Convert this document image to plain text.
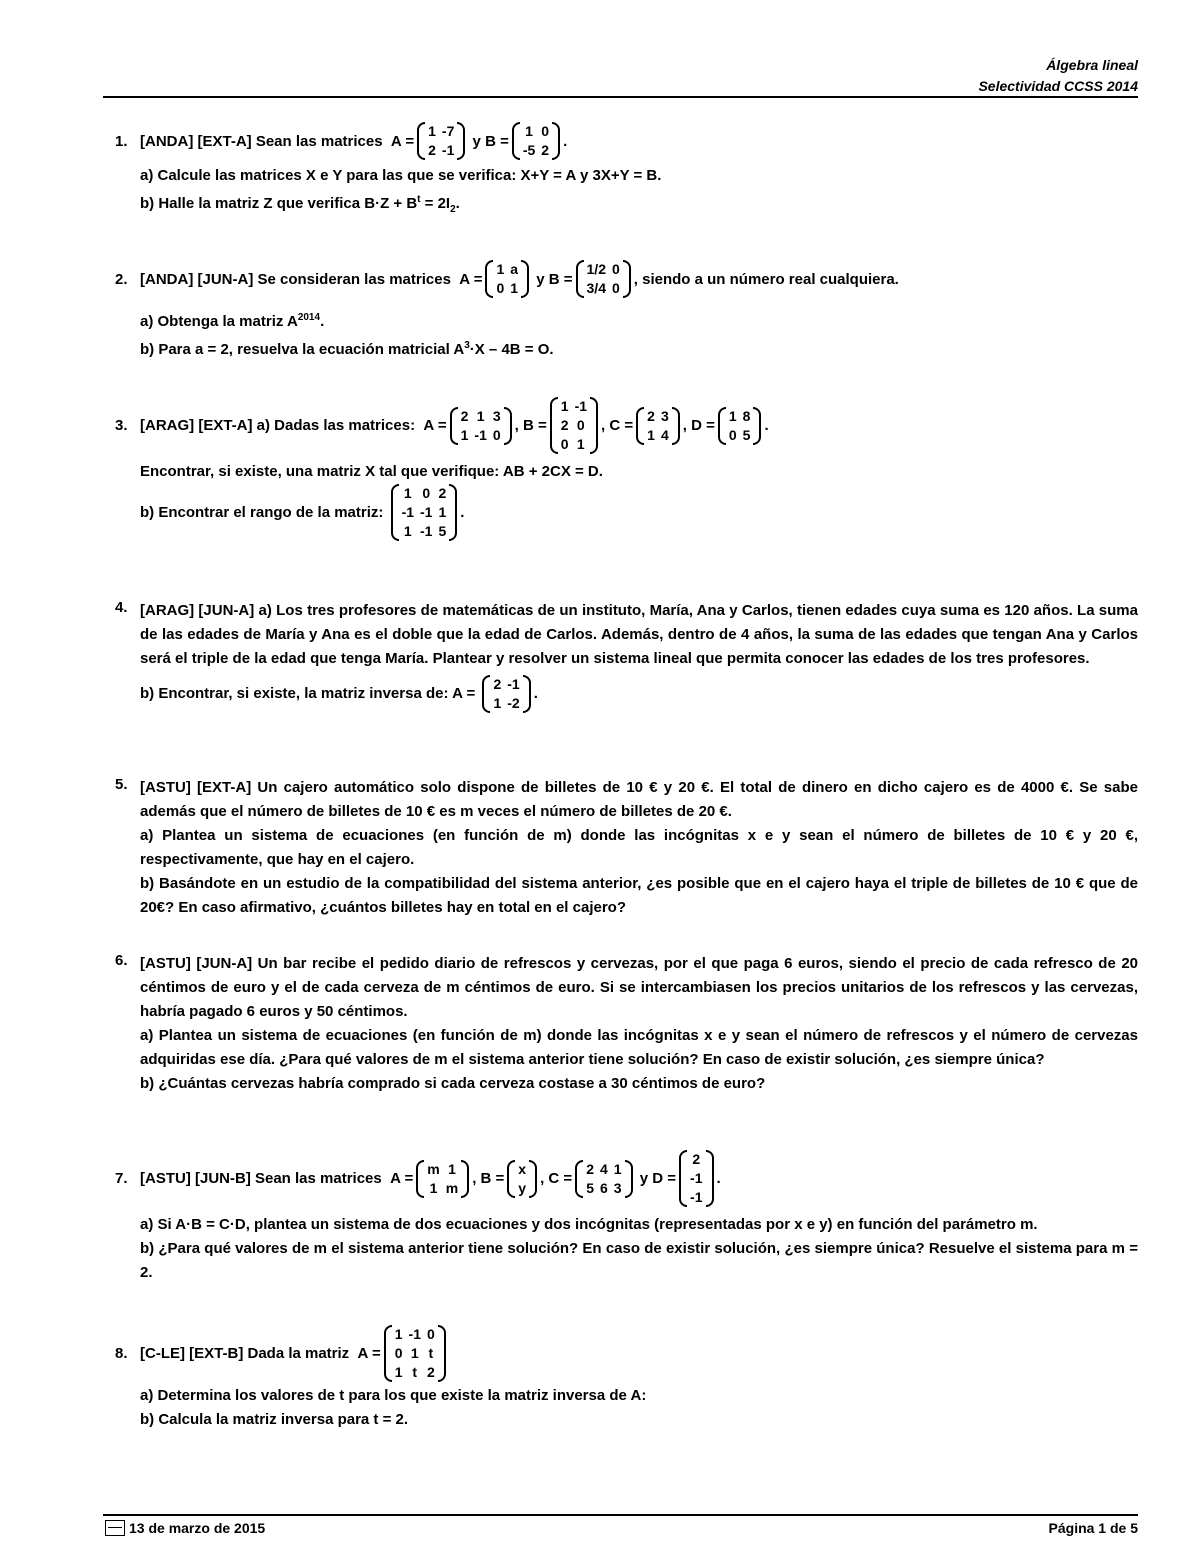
Álgebra lineal
Selectividad CCSS 2014
1. [ANDA] [EXT-A] Sean las matrices
A =
1	-7
2	-1

y
B =
1	0
-5	2
.
a) Calcule las matrices X e Y para las que se verifica: X+Y = A y 3X+Y = B.
b) Halle la matriz Z que verifica $B\cdot Z + B^t = 2I_2$.
2. [ANDA] [JUN-A] Se consideran las matrices
A =
1	a
0	1

y
B =
1/2	0
3/4	0
, siendo a un número real cualquiera.
a) Obtenga la matriz $A^{2014}$.
b) Para a = 2, resuelva la ecuación matricial $A^3\cdot X - 4B = O$.
3. [ARAG] [EXT-A] a) Dadas las matrices:
A =
2	1	3
1	-1	0
, B =
1	-1
2	0
0	1
, C =
2	3
1	4
, D =
1	8
0	5
.
Encontrar, si existe, una matriz X tal que verifique: AB + 2CX = D.
b) Encontrar el rango de la matriz:

1	0	2
-1	-1	1
1	-1	5
.
4. [ARAG] [JUN-A] a) Los tres profesores de matemáticas de un instituto, María, Ana y Carlos, tienen edades cuya suma es 120 años. La suma de las edades de María y Ana es el doble que la edad de Carlos. Además, dentro de 4 años, la suma de las edades que tengan Ana y Carlos será el triple de la edad que tenga María. Plantear y resolver un sistema lineal que permita conocer las edades de los tres profesores.
b) Encontrar, si existe, la matriz inversa de: A =

2	-1
1	-2
.
5. [ASTU] [EXT-A] Un cajero automático solo dispone de billetes de 10 € y 20 €. El total de dinero en dicho cajero es de 4000 €. Se sabe además que el número de billetes de 10 € es m veces el número de billetes de 20 €.
a) Plantea un sistema de ecuaciones (en función de m) donde las incógnitas x e y sean el número de billetes de 10 € y 20 €, respectivamente, que hay en el cajero.
b) Basándote en un estudio de la compatibilidad del sistema anterior, ¿es posible que en el cajero haya el triple de billetes de 10 € que de 20€? En caso afirmativo, ¿cuántos billetes hay en total en el cajero?
6. [ASTU] [JUN-A] Un bar recibe el pedido diario de refrescos y cervezas, por el que paga 6 euros, siendo el precio de cada refresco de 20 céntimos de euro y el de cada cerveza de m céntimos de euro. Si se intercambiasen los precios unitarios de los refrescos y las cervezas, habría pagado 6 euros y 50 céntimos.
a) Plantea un sistema de ecuaciones (en función de m) donde las incógnitas x e y sean el número de refrescos y el número de cervezas adquiridas ese día. ¿Para qué valores de m el sistema anterior tiene solución? En caso de existir solución, ¿es siempre única?
b) ¿Cuántas cervezas habría comprado si cada cerveza costase a 30 céntimos de euro?
7. [ASTU] [JUN-B] Sean las matrices
A =
m	1
1	m
, B =
x
y
, C =
2	4	1
5	6	3

y D =
2
-1
-1
.
a) Si A·B = C·D, plantea un sistema de dos ecuaciones y dos incógnitas (representadas por x e y) en función del parámetro m.
b) ¿Para qué valores de m el sistema anterior tiene solución? En caso de existir solución, ¿es siempre única? Resuelve el sistema para m = 2.
8. [C-LE] [EXT-B] Dada la matriz
A =
1	-1	0
0	1	t
1	t	2
a) Determina los valores de t para los que existe la matriz inversa de A:
b) Calcula la matriz inversa para t = 2.
13 de marzo de 2015	Página 1 de 5
